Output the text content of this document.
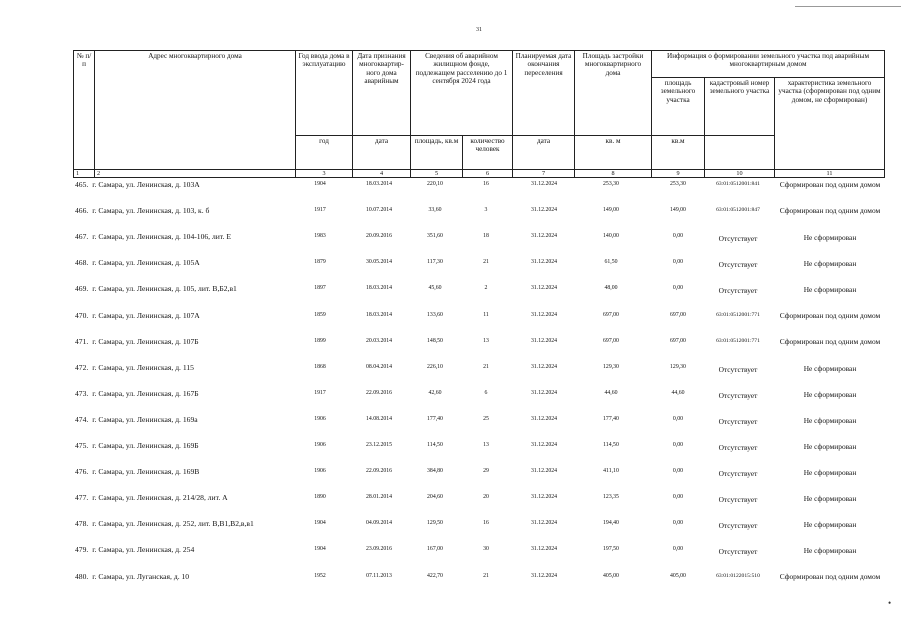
31
№ п/п	Адрес многоквартирного дома	Год ввода дома в эксплуатацию	Дата признания многоквартир-ного дома аварийным	Сведения об аварийном жилищном фонде, подлежащем расселению до 1 сентября 2024 года		Планируемая дата окончания переселения	Площадь застройки многоквартирного дома	Информация о формировании земельного участка под аварийным многоквартирным домом		
								площадь земельного участка	кадастровый номер земельного участка	характеристика земельного участка (сформирован под одним домом, не сформирован)
		год	дата	площадь, кв.м	количество человек	дата	кв. м	кв.м		
1	2	3	4	5	6	7	8	9	10	11
465. г. Самара, ул. Ленинская, д. 103А	1904	18.03.2014	220,10	16	31.12.2024	253,30	253,30	63:01:0512001:841	Сформирован под одним домом
466. г. Самара, ул. Ленинская, д. 103, к. б	1917	10.07.2014	33,60	3	31.12.2024	149,00	149,00	63:01:0512001:847	Сформирован под одним домом
467. г. Самара, ул. Ленинская, д. 104-106, лит. Е	1983	20.09.2016	351,60	18	31.12.2024	140,00	0,00	Отсутствует	Не сформирован
468. г. Самара, ул. Ленинская, д. 105А	1879	30.05.2014	117,30	21	31.12.2024	61,50	0,00	Отсутствует	Не сформирован
469. г. Самара, ул. Ленинская, д. 105, лит. В,Б2,в1	1897	18.03.2014	45,60	2	31.12.2024	48,00	0,00	Отсутствует	Не сформирован
470. г. Самара, ул. Ленинская, д. 107А	1859	18.03.2014	133,60	11	31.12.2024	697,00	697,00	63:01:0512001:771	Сформирован под одним домом
471. г. Самара, ул. Ленинская, д. 107Б	1899	20.03.2014	148,50	13	31.12.2024	697,00	697,00	63:01:0512001:771	Сформирован под одним домом
472. г. Самара, ул. Ленинская, д. 115	1868	08.04.2014	226,10	21	31.12.2024	129,30	129,30	Отсутствует	Не сформирован
473. г. Самара, ул. Ленинская, д. 167Б	1917	22.09.2016	42,60	6	31.12.2024	44,60	44,60	Отсутствует	Не сформирован
474. г. Самара, ул. Ленинская, д. 169а	1906	14.08.2014	177,40	25	31.12.2024	177,40	0,00	Отсутствует	Не сформирован
475. г. Самара, ул. Ленинская, д. 169Б	1906	23.12.2015	114,50	13	31.12.2024	114,50	0,00	Отсутствует	Не сформирован
476. г. Самара, ул. Ленинская, д. 169В	1906	22.09.2016	384,80	29	31.12.2024	411,10	0,00	Отсутствует	Не сформирован
477. г. Самара, ул. Ленинская, д. 214/28, лит. А	1890	28.01.2014	204,60	20	31.12.2024	123,35	0,00	Отсутствует	Не сформирован
478. г. Самара, ул. Ленинская, д. 252, лит. В,В1,В2,в,в1	1904	04.09.2014	129,50	16	31.12.2024	194,40	0,00	Отсутствует	Не сформирован
479. г. Самара, ул. Ленинская, д. 254	1904	23.09.2016	167,00	30	31.12.2024	197,50	0,00	Отсутствует	Не сформирован
480. г. Самара, ул. Луганская, д. 10	1952	07.11.2013	422,70	21	31.12.2024	405,00	405,00	63:01:0122015:510	Сформирован под одним домом
•
